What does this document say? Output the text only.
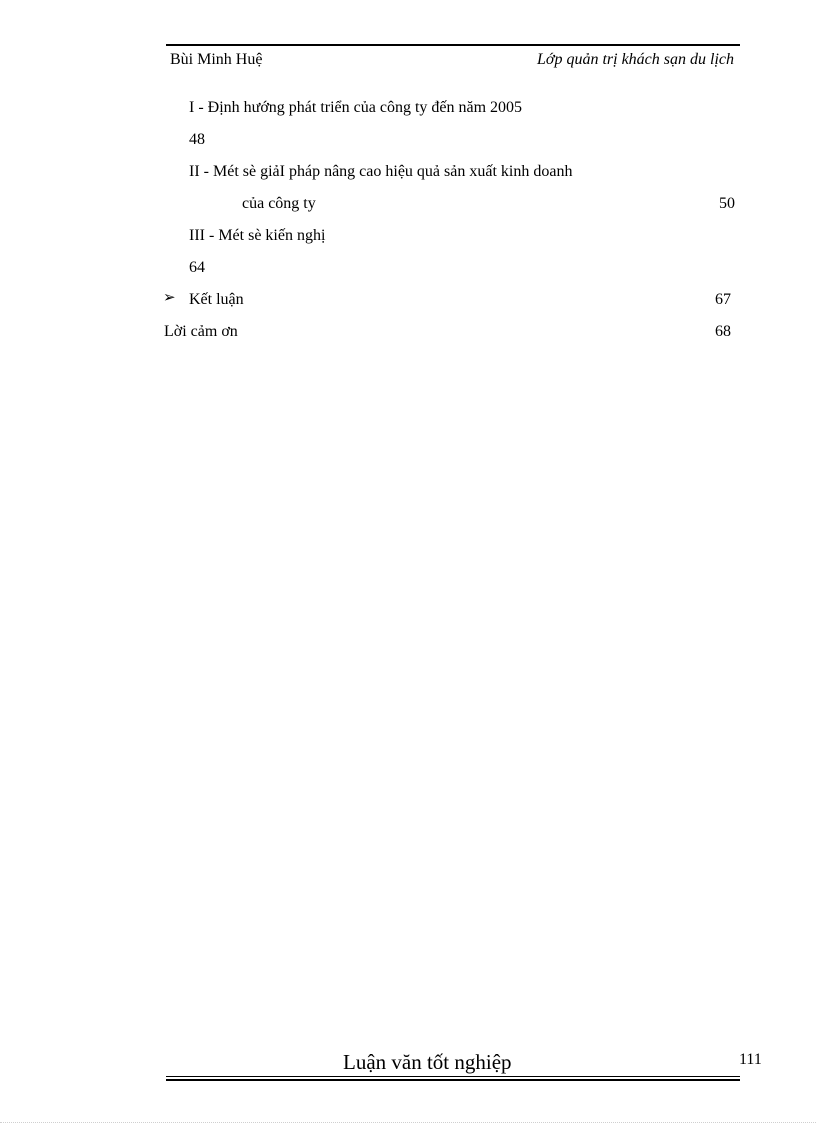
Bùi Minh Huệ	Lớp quản trị khách sạn du lịch
I - Định hướng phát triển của công ty đến năm 2005
48
II - Mét sè giảI pháp nâng cao hiệu quả sản xuất kinh doanh
của công ty	50
III - Mét sè kiến nghị
64
➢ Kết luận	67
Lời cảm ơn	68
Luận văn tốt nghiệp	111
